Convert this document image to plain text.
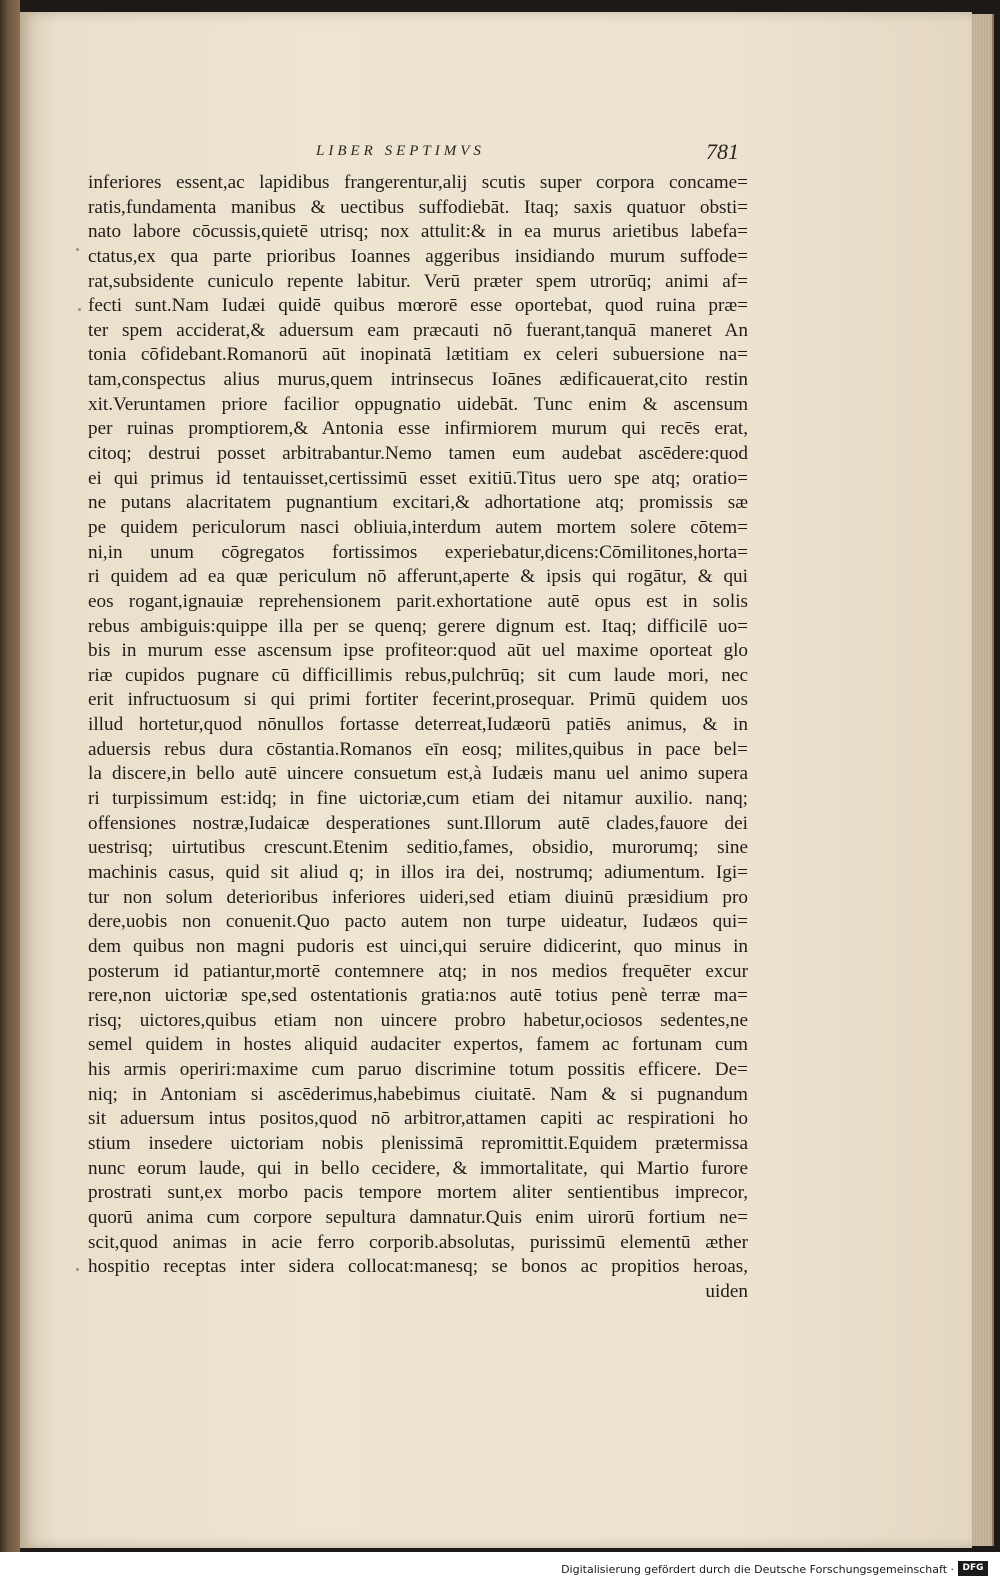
LIBER SEPTIMVS	781
inferiores essent,ac lapidibus frangerentur,alij scutis super corpora concame=
ratis,fundamenta manibus & uectibus suffodiebāt. Itaq; saxis quatuor obsti=
nato labore cōcussis,quietē utrisq; nox attulit:& in ea murus arietibus labefa=
ctatus,ex qua parte prioribus Ioannes aggeribus insidiando murum suffode=
rat,subsidente cuniculo repente labitur. Verū præter spem utrorūq; animi af=
fecti sunt.Nam Iudæi quidē quibus mœrorē esse oportebat, quod ruina præ=
ter spem acciderat,& aduersum eam præcauti nō fuerant,tanquā maneret An
tonia cōfidebant.Romanorū aūt inopinatā lætitiam ex celeri subuersione na=
tam,conspectus alius murus,quem intrinsecus Ioānes ædificauerat,cito restin
xit.Veruntamen priore facilior oppugnatio uidebāt. Tunc enim & ascensum
per ruinas promptiorem,& Antonia esse infirmiorem murum qui recēs erat,
citoq; destrui posset arbitrabantur.Nemo tamen eum audebat ascēdere:quod
ei qui primus id tentauisset,certissimū esset exitiū.Titus uero spe atq; oratio=
ne putans alacritatem pugnantium excitari,& adhortatione atq; promissis sæ
pe quidem periculorum nasci obliuia,interdum autem mortem solere cōtem=
ni,in unum cōgregatos fortissimos experiebatur,dicens:Cōmilitones,horta=
ri quidem ad ea quæ periculum nō afferunt,aperte & ipsis qui rogātur, & qui
eos rogant,ignauiæ reprehensionem parit.exhortatione autē opus est in solis
rebus ambiguis:quippe illa per se quenq; gerere dignum est. Itaq; difficilē uo=
bis in murum esse ascensum ipse profiteor:quod aūt uel maxime oporteat glo
riæ cupidos pugnare cū difficillimis rebus,pulchrūq; sit cum laude mori, nec
erit infructuosum si qui primi fortiter fecerint,prosequar. Primū quidem uos
illud hortetur,quod nōnullos fortasse deterreat,Iudæorū patiēs animus, & in
aduersis rebus dura cōstantia.Romanos eīn eosq; milites,quibus in pace bel=
la discere,in bello autē uincere consuetum est,à Iudæis manu uel animo supera
ri turpissimum est:idq; in fine uictoriæ,cum etiam dei nitamur auxilio. nanq;
offensiones nostræ,Iudaicæ desperationes sunt.Illorum autē clades,fauore dei
uestrisq; uirtutibus crescunt.Etenim seditio,fames, obsidio, murorumq; sine
machinis casus, quid sit aliud q; in illos ira dei, nostrumq; adiumentum. Igi=
tur non solum deterioribus inferiores uideri,sed etiam diuinū præsidium pro
dere,uobis non conuenit.Quo pacto autem non turpe uideatur, Iudæos qui=
dem quibus non magni pudoris est uinci,qui seruire didicerint, quo minus in
posterum id patiantur,mortē contemnere atq; in nos medios frequēter excur
rere,non uictoriæ spe,sed ostentationis gratia:nos autē totius penè terræ ma=
risq; uictores,quibus etiam non uincere probro habetur,ociosos sedentes,ne
semel quidem in hostes aliquid audaciter expertos, famem ac fortunam cum
his armis operiri:maxime cum paruo discrimine totum possitis efficere. De=
niq; in Antoniam si ascēderimus,habebimus ciuitatē. Nam & si pugnandum
sit aduersum intus positos,quod nō arbitror,attamen capiti ac respirationi ho
stium insedere uictoriam nobis plenissimā repromittit.Equidem prætermissa
nunc eorum laude, qui in bello cecidere, & immortalitate, qui Martio furore
prostrati sunt,ex morbo pacis tempore mortem aliter sentientibus imprecor,
quorū anima cum corpore sepultura damnatur.Quis enim uirorū fortium ne=
scit,quod animas in acie ferro corporib.absolutas, purissimū elementū æther
hospitio receptas inter sidera collocat:manesq; se bonos ac propitios heroas,
uiden
Digitalisierung gefördert durch die Deutsche Forschungsgemeinschaft · DFG
